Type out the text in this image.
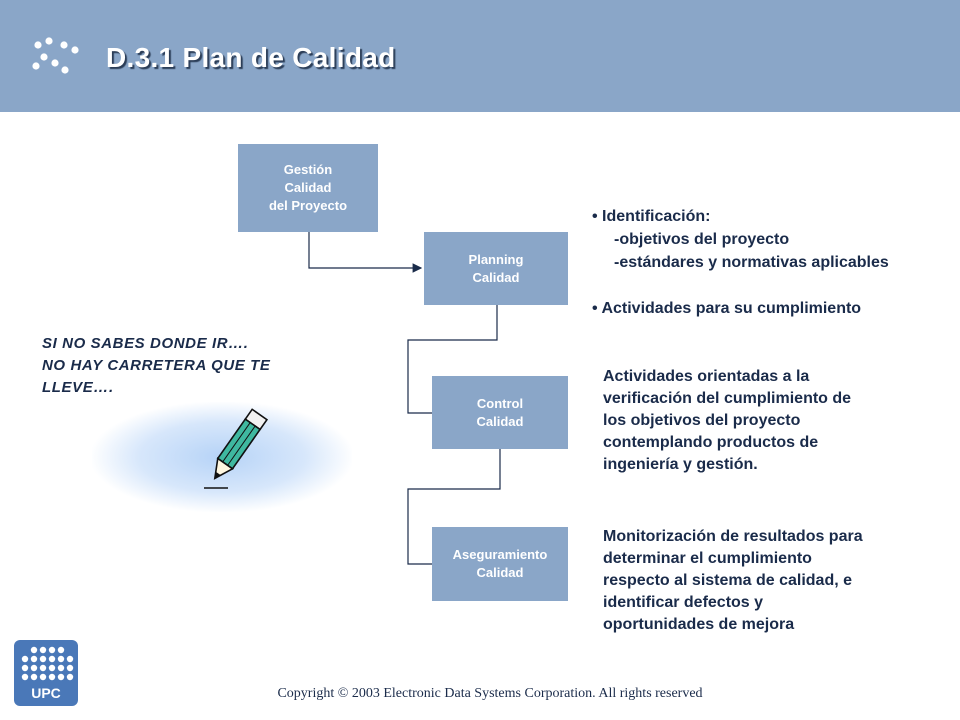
D.3.1 Plan de Calidad
Gestión
Calidad
del Proyecto
Planning
Calidad
Control
Calidad
Aseguramiento
Calidad
• Identificación:
-objetivos del proyecto
-estándares y normativas aplicables
• Actividades para su cumplimiento
Actividades orientadas a la
verificación del cumplimiento de
los objetivos del proyecto
contemplando productos de
ingeniería y gestión.
Monitorización de resultados para
determinar el cumplimiento
respecto al sistema de calidad, e
identificar defectos y
oportunidades de mejora
SI NO SABES DONDE IR….
NO HAY CARRETERA QUE TE
LLEVE….
UPC	Copyright © 2003 Electronic Data Systems Corporation. All rights reserved
